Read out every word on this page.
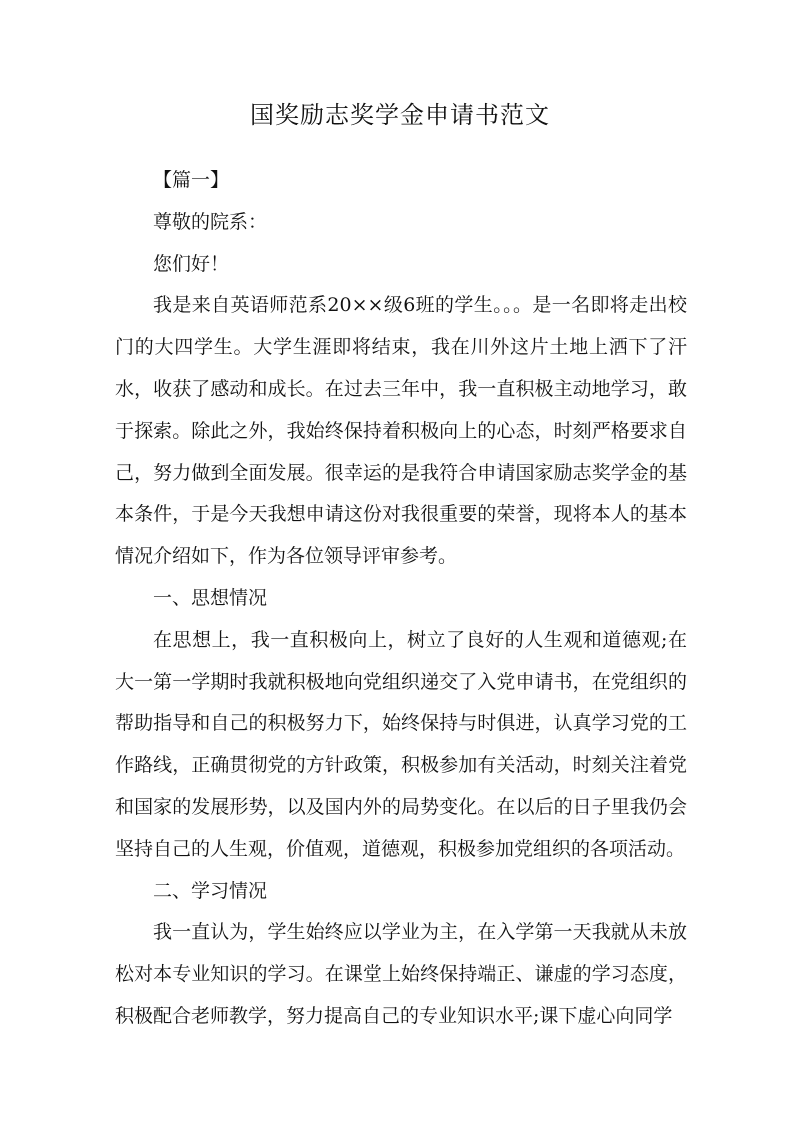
国奖励志奖学金申请书范文

【篇一】

尊敬的院系：

您们好！

我是来自英语师范系20××级6班的学生。。。是一名即将走出校门的大四学生。大学生涯即将结束，我在川外这片土地上洒下了汗水，收获了感动和成长。在过去三年中，我一直积极主动地学习，敢于探索。除此之外，我始终保持着积极向上的心态，时刻严格要求自己，努力做到全面发展。很幸运的是我符合申请国家励志奖学金的基本条件，于是今天我想申请这份对我很重要的荣誉，现将本人的基本情况介绍如下，作为各位领导评审参考。

一、思想情况

在思想上，我一直积极向上，树立了良好的人生观和道德观;在大一第一学期时我就积极地向党组织递交了入党申请书，在党组织的帮助指导和自己的积极努力下，始终保持与时俱进，认真学习党的工作路线，正确贯彻党的方针政策，积极参加有关活动，时刻关注着党和国家的发展形势，以及国内外的局势变化。在以后的日子里我仍会坚持自己的人生观，价值观，道德观，积极参加党组织的各项活动。

二、学习情况

我一直认为，学生始终应以学业为主，在入学第一天我就从未放松对本专业知识的学习。在课堂上始终保持端正、谦虚的学习态度，积极配合老师教学，努力提高自己的专业知识水平;课下虚心向同学
